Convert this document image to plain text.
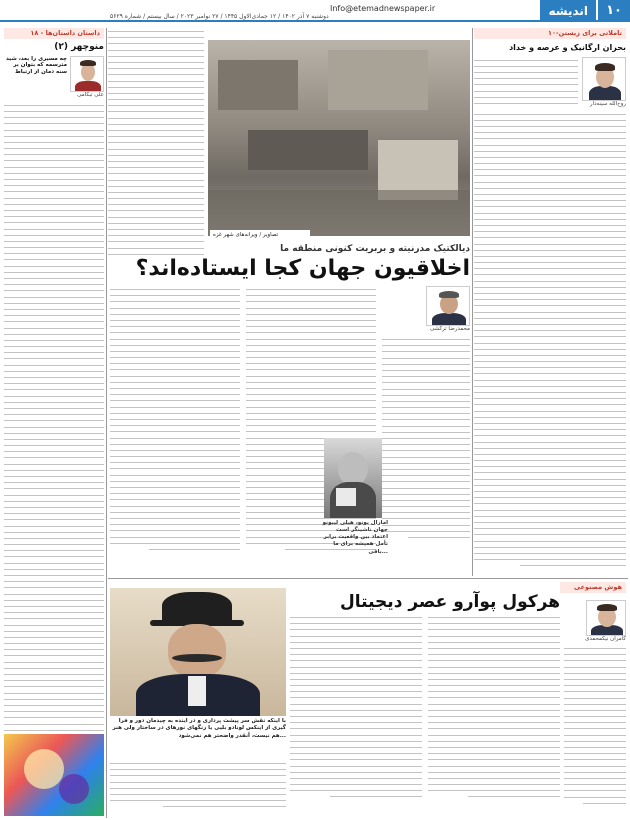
۱۰
اندیشه
Info@etemadnewspaper.ir
دوشنبه ۷ آذر ۱۴۰۲ / ۱۲ جمادی‌الاول ۱۴۴۵ / ۲۷ نوامبر ۲۰۲۳ / سال بیستم / شماره ۵۶۲۹
تاملاتی برای زیستن-۱۰
بحران ارگانیک و عرصه و خداد
روح‌الله سینه‌دار
تصاویر / ویرانه‌های شهر غزه
داستان داستان‌ها - ۱۸
منوچهر (۲)
چه مسیری را بعد، شید مترسمه که بتوان بر سنه دمان از ارتباط
علی تبکامی
دیالکتیک مدرنیته و بربریت کنونی منطقه ما
اخلاقیون جهان کجا ایستاده‌اند؟
محمدرضا ترکشی
آمارال بونو، هیلی لیبونو جهان ناشینگر است اعتماد بین واقعیت برابر تأمل همیشه برای ما باقی...
هوش مصنوعی
هرکول پوآرو عصر دیجیتال
با اینکه نقش سر پیشت پرداری و در آینده به چیدمان دور و فرا گیری از اینکس لونادو بلیی یا رنگهای نورهای در ساختار ولی هنر هم نیست، آنقدر واضحتر هم نمی‌شود...
کامران نیکمحمدی
